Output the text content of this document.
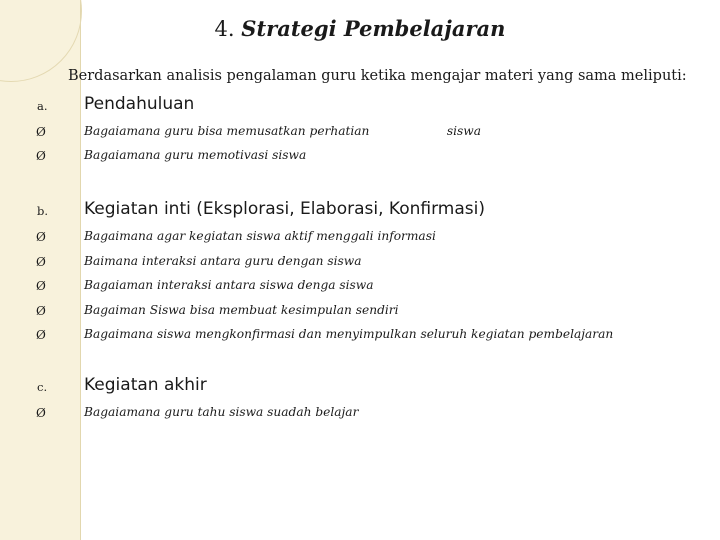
4. Strategi Pembelajaran
Berdasarkan analisis pengalaman guru ketika mengajar materi yang sama meliputi:
a. Pendahuluan
Ø	Bagaiamana guru bisa memusatkan perhatian                    siswa
Ø	Bagaiamana guru memotivasi siswa
b. Kegiatan inti (Eksplorasi, Elaborasi, Konfirmasi)
Ø	Bagaimana agar kegiatan siswa aktif menggali informasi
Ø	Baimana interaksi antara guru dengan siswa
Ø	Bagaiaman interaksi antara siswa denga siswa
Ø	Bagaiman Siswa bisa membuat kesimpulan sendiri
Ø	Bagaimana siswa mengkonfirmasi dan menyimpulkan seluruh kegiatan pembelajaran
c. Kegiatan akhir
Ø	Bagaiamana guru tahu siswa suadah belajar
